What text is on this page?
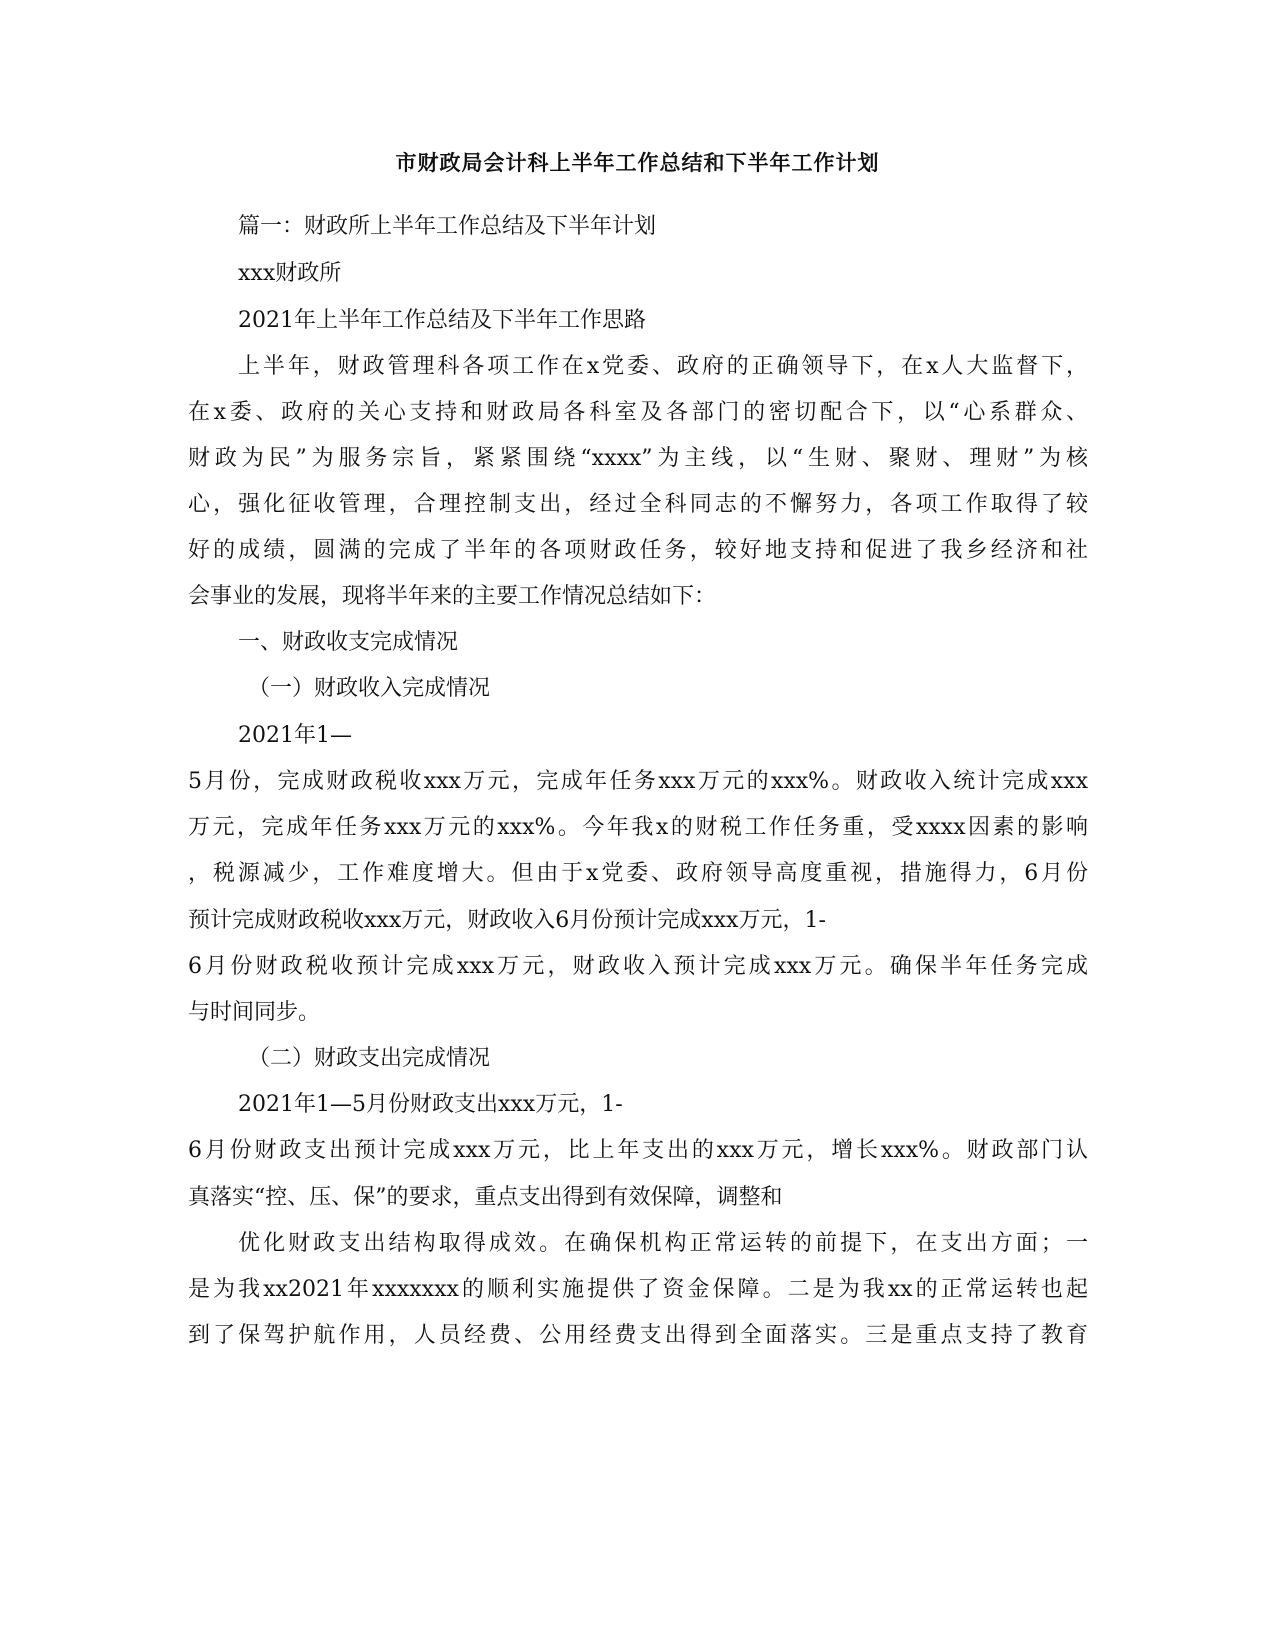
市财政局会计科上半年工作总结和下半年工作计划
篇一：财政所上半年工作总结及下半年计划
xxx财政所
2021年上半年工作总结及下半年工作思路
上半年，财政管理科各项工作在x党委、政府的正确领导下，在x人大监督下，
在x委、政府的关心支持和财政局各科室及各部门的密切配合下，以“心系群众、
财政为民”为服务宗旨，紧紧围绕“xxxx”为主线，以“生财、聚财、理财”为核
心，强化征收管理，合理控制支出，经过全科同志的不懈努力，各项工作取得了较
好的成绩，圆满的完成了半年的各项财政任务，较好地支持和促进了我乡经济和社
会事业的发展，现将半年来的主要工作情况总结如下：
一、财政收支完成情况
（一）财政收入完成情况
2021年1—
5月份，完成财政税收xxx万元，完成年任务xxx万元的xxx%。财政收入统计完成xxx
万元，完成年任务xxx万元的xxx%。今年我x的财税工作任务重，受xxxx因素的影响
，税源减少，工作难度增大。但由于x党委、政府领导高度重视，措施得力，6月份
预计完成财政税收xxx万元，财政收入6月份预计完成xxx万元，1-
6月份财政税收预计完成xxx万元，财政收入预计完成xxx万元。确保半年任务完成
与时间同步。
（二）财政支出完成情况
2021年1—5月份财政支出xxx万元，1-
6月份财政支出预计完成xxx万元，比上年支出的xxx万元，增长xxx%。财政部门认
真落实“控、压、保”的要求，重点支出得到有效保障，调整和
优化财政支出结构取得成效。在确保机构正常运转的前提下，在支出方面；一
是为我xx2021年xxxxxxx的顺利实施提供了资金保障。二是为我xx的正常运转也起
到了保驾护航作用，人员经费、公用经费支出得到全面落实。三是重点支持了教育
